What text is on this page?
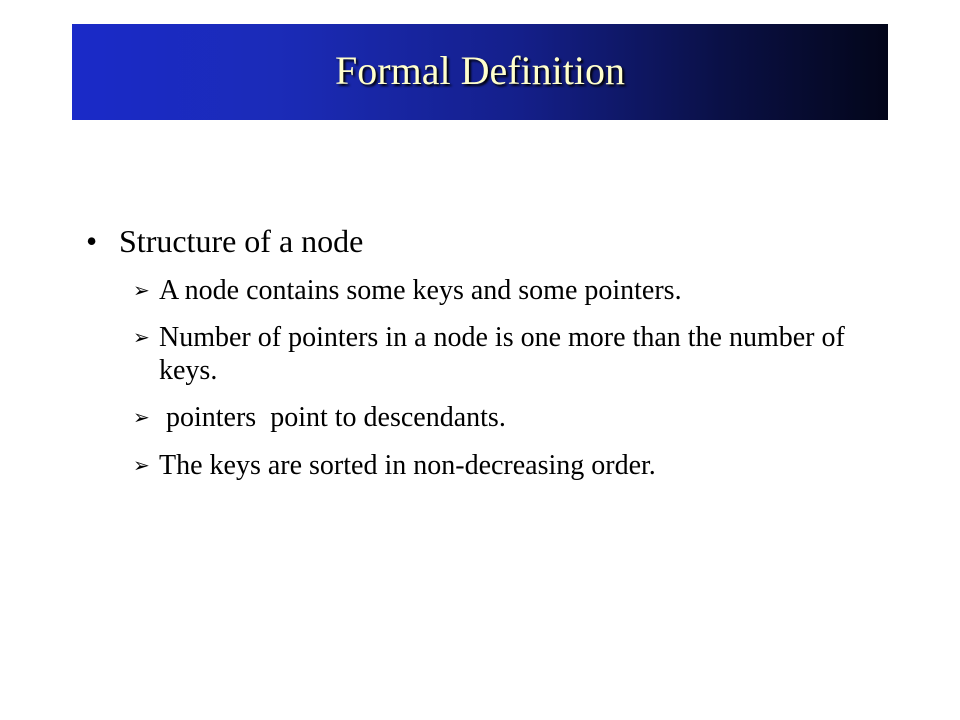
Formal Definition
• Structure of a node
➢ A node contains some keys and some pointers.
➢ Number of pointers in a node is one more than the number of keys.
➢ pointers  point to descendants.
➢ The keys are sorted in non-decreasing order.
